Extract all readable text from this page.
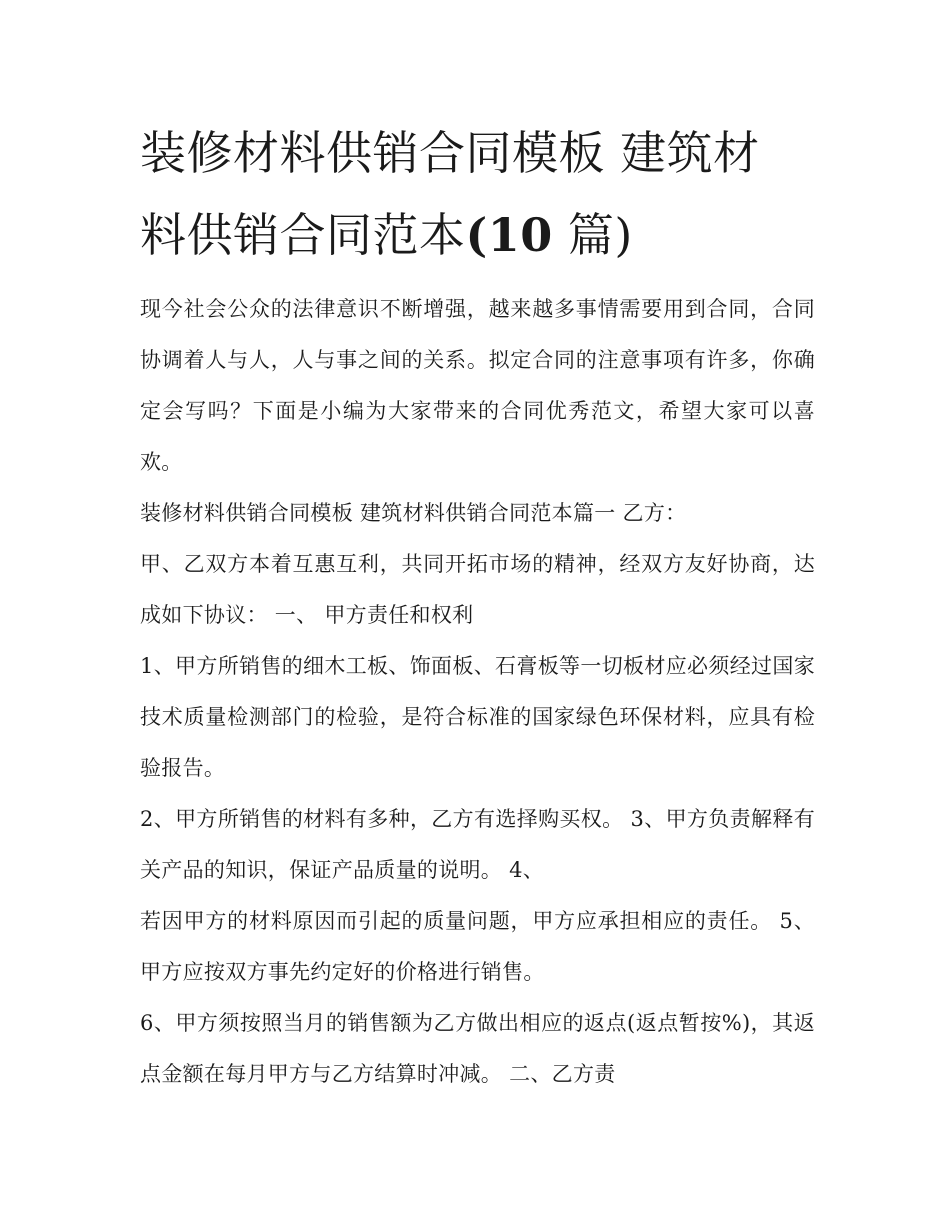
装修材料供销合同模板 建筑材
料供销合同范本(10 篇)

现今社会公众的法律意识不断增强，越来越多事情需要用到合同，合同协调着人与人，人与事之间的关系。拟定合同的注意事项有许多，你确定会写吗？下面是小编为大家带来的合同优秀范文，希望大家可以喜欢。

装修材料供销合同模板 建筑材料供销合同范本篇一 乙方：

甲、乙双方本着互惠互利，共同开拓市场的精神，经双方友好协商，达成如下协议： 一、 甲方责任和权利

1、甲方所销售的细木工板、饰面板、石膏板等一切板材应必须经过国家技术质量检测部门的检验，是符合标准的国家绿色环保材料，应具有检验报告。

2、甲方所销售的材料有多种，乙方有选择购买权。 3、甲方负责解释有关产品的知识，保证产品质量的说明。 4、

若因甲方的材料原因而引起的质量问题，甲方应承担相应的责任。 5、甲方应按双方事先约定好的价格进行销售。

6、甲方须按照当月的销售额为乙方做出相应的返点(返点暂按%)，其返点金额在每月甲方与乙方结算时冲减。 二、乙方责
